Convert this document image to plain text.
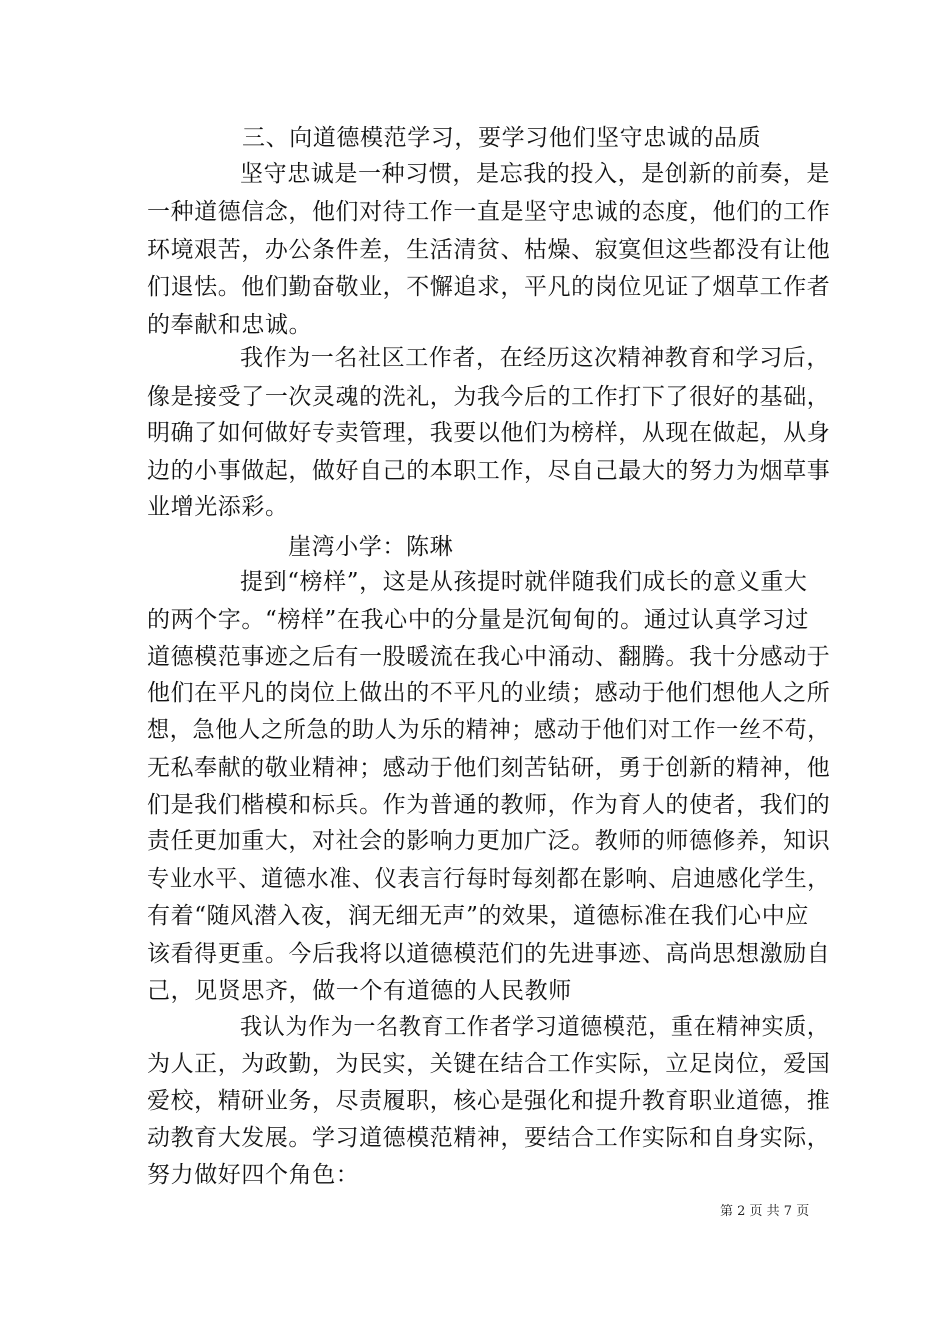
三、向道德模范学习，要学习他们坚守忠诚的品质
坚守忠诚是一种习惯，是忘我的投入，是创新的前奏，是
一种道德信念，他们对待工作一直是坚守忠诚的态度，他们的工作
环境艰苦，办公条件差，生活清贫、枯燥、寂寞但这些都没有让他
们退怯。他们勤奋敬业，不懈追求，平凡的岗位见证了烟草工作者
的奉献和忠诚。
我作为一名社区工作者，在经历这次精神教育和学习后，
像是接受了一次灵魂的洗礼，为我今后的工作打下了很好的基础，
明确了如何做好专卖管理，我要以他们为榜样，从现在做起，从身
边的小事做起，做好自己的本职工作，尽自己最大的努力为烟草事
业增光添彩。
崖湾小学：陈琳
提到“榜样”，这是从孩提时就伴随我们成长的意义重大
的两个字。“榜样”在我心中的分量是沉甸甸的。通过认真学习过
道德模范事迹之后有一股暖流在我心中涌动、翻腾。我十分感动于
他们在平凡的岗位上做出的不平凡的业绩；感动于他们想他人之所
想，急他人之所急的助人为乐的精神；感动于他们对工作一丝不苟，
无私奉献的敬业精神；感动于他们刻苦钻研，勇于创新的精神，他
们是我们楷模和标兵。作为普通的教师，作为育人的使者，我们的
责任更加重大，对社会的影响力更加广泛。教师的师德修养，知识
专业水平、道德水准、仪表言行每时每刻都在影响、启迪感化学生，
有着“随风潜入夜，润无细无声”的效果，道德标准在我们心中应
该看得更重。今后我将以道德模范们的先进事迹、高尚思想激励自
己，见贤思齐，做一个有道德的人民教师
我认为作为一名教育工作者学习道德模范，重在精神实质，
为人正，为政勤，为民实，关键在结合工作实际，立足岗位，爱国
爱校，精研业务，尽责履职，核心是强化和提升教育职业道德，推
动教育大发展。学习道德模范精神，要结合工作实际和自身实际，
努力做好四个角色：
第 2 页 共 7 页
